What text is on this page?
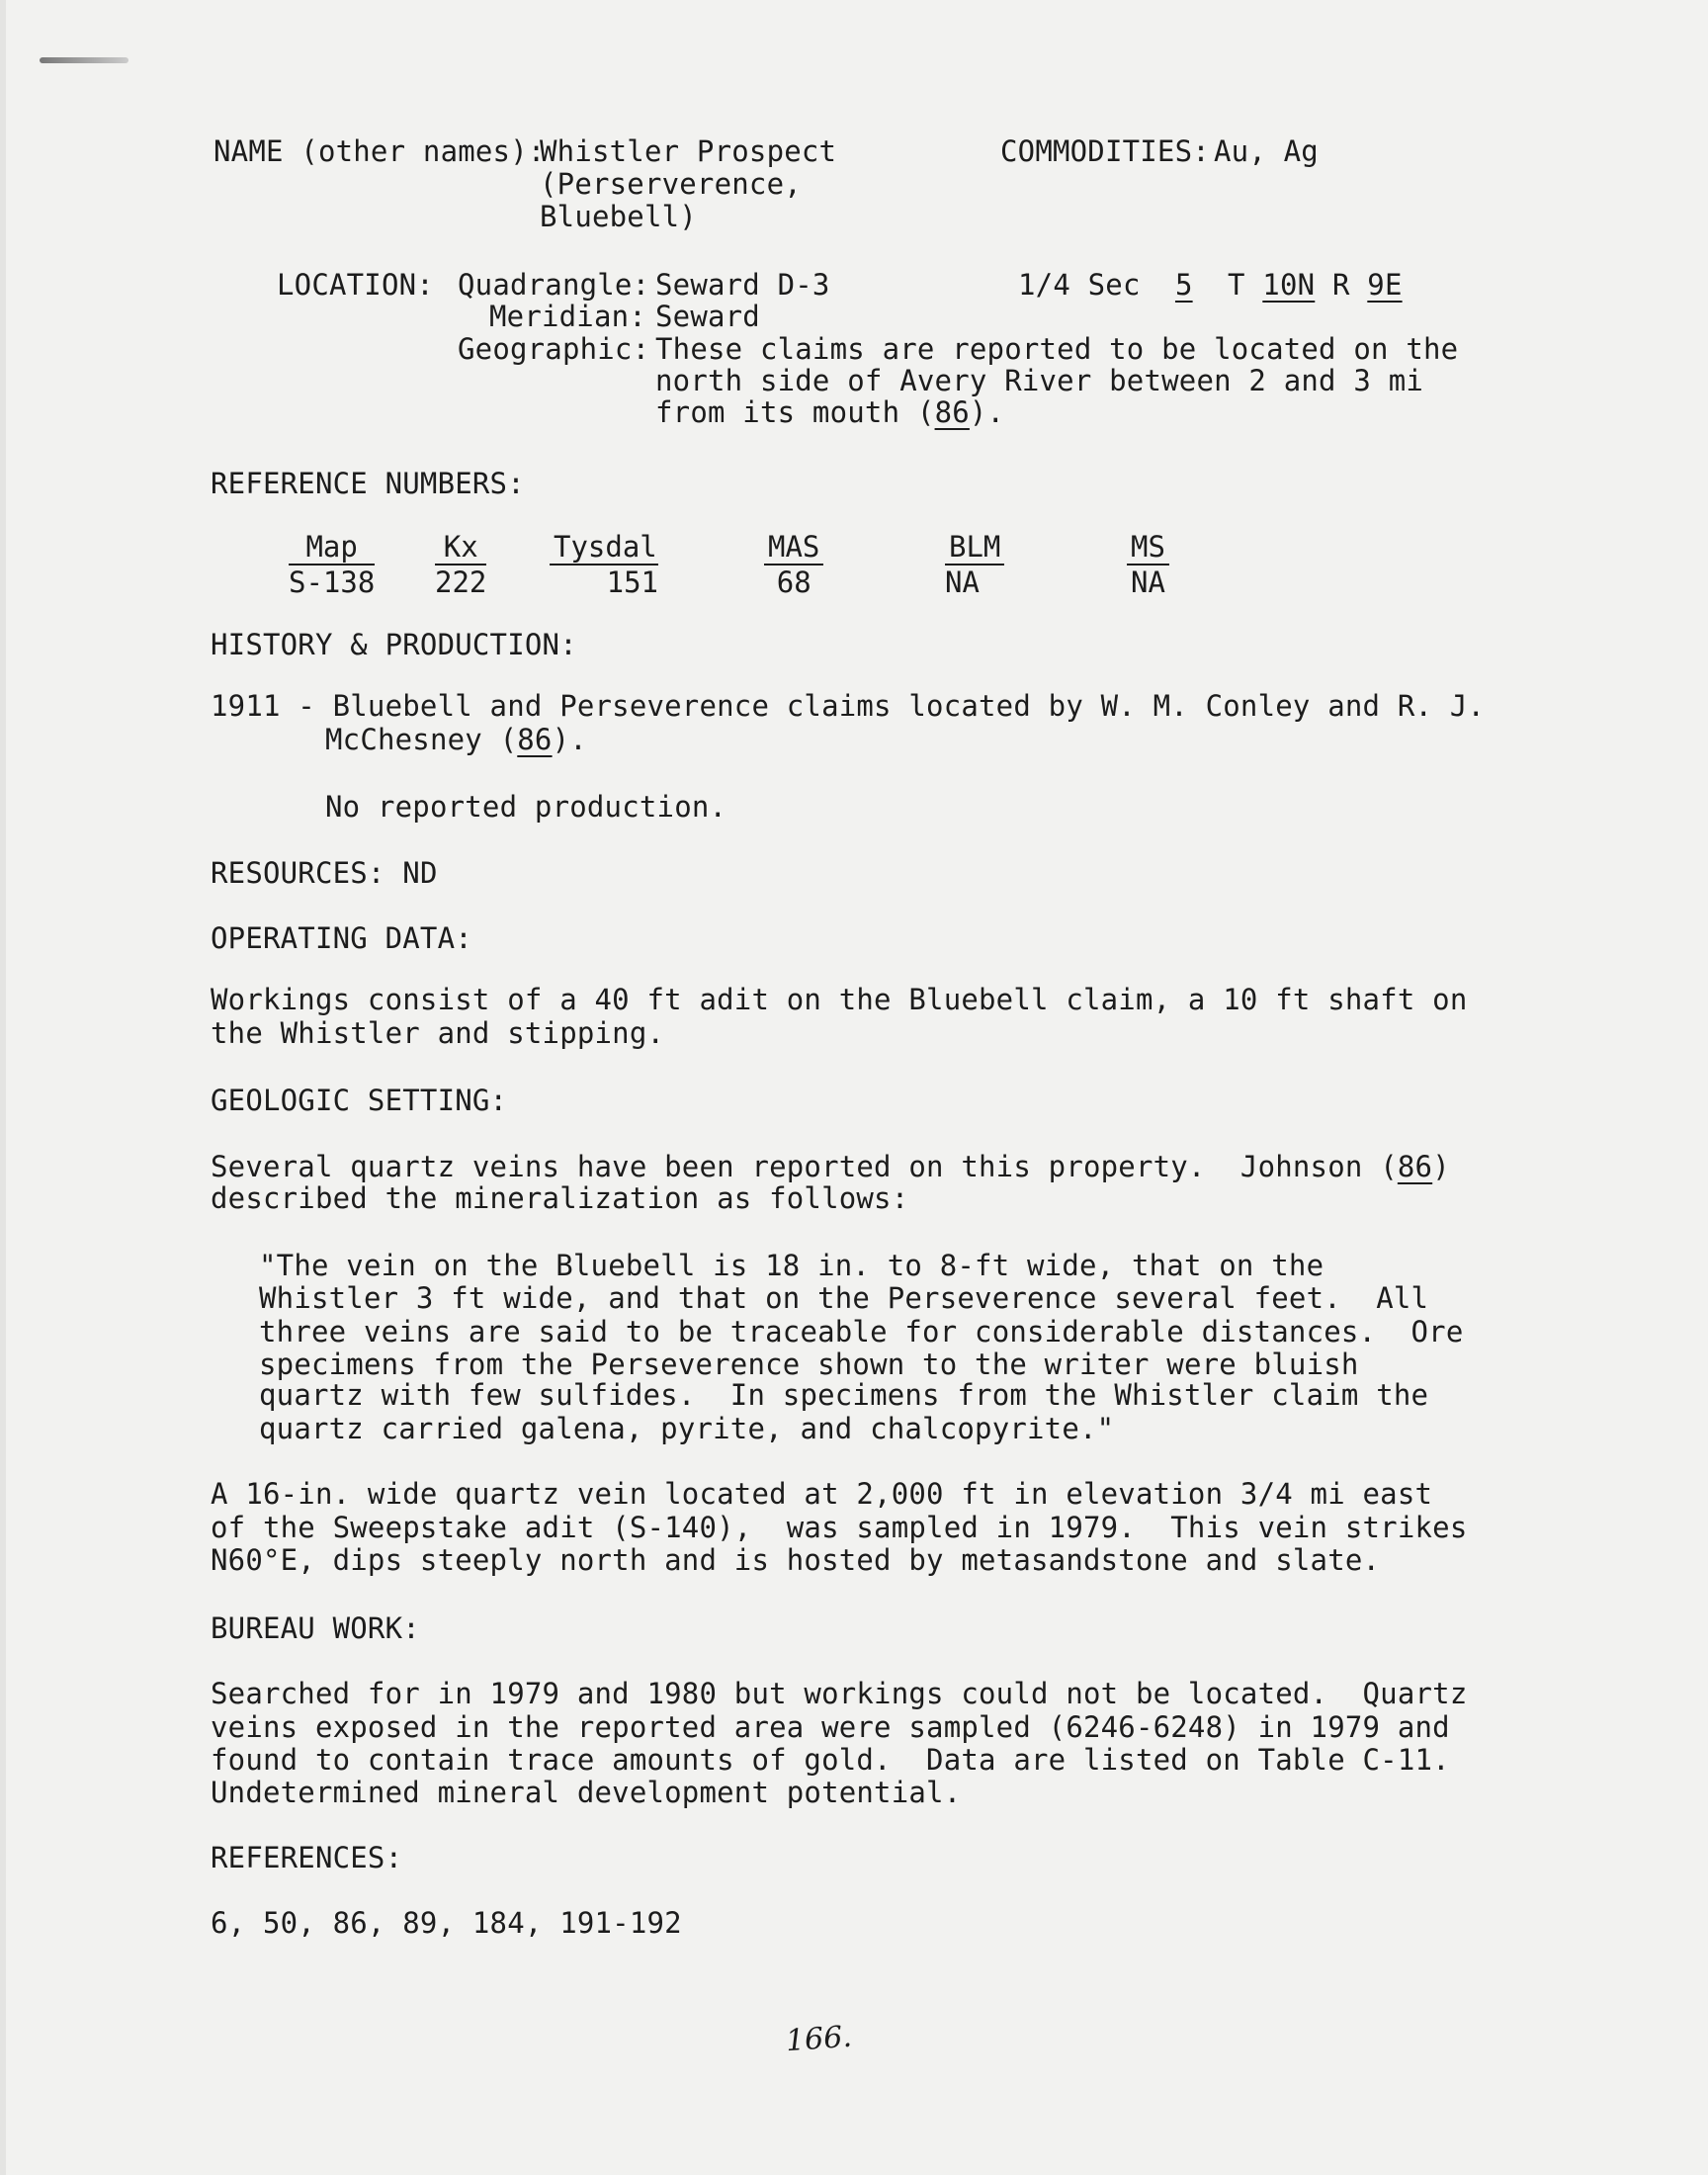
NAME (other names):
Whistler Prospect
(Perserverence,
Bluebell)
COMMODITIES: Au, Ag
LOCATION: Quadrangle: Seward D-3	1/4 Sec 5 T 10N R 9E
Meridian: Seward
Geographic: These claims are reported to be located on the
north side of Avery River between 2 and 3 mi
from its mouth (86).
REFERENCE NUMBERS:
Map
S-138
Kx
222
Tysdal
151
MAS
68
BLM
NA
MS
NA
HISTORY & PRODUCTION:
1911 - Bluebell and Perseverence claims located by W. M. Conley and R. J.
McChesney (86).
No reported production.
RESOURCES: ND
OPERATING DATA:
Workings consist of a 40 ft adit on the Bluebell claim, a 10 ft shaft on
the Whistler and stipping.
GEOLOGIC SETTING:
Several quartz veins have been reported on this property.  Johnson (86)
described the mineralization as follows:
"The vein on the Bluebell is 18 in. to 8-ft wide, that on the
Whistler 3 ft wide, and that on the Perseverence several feet.  All
three veins are said to be traceable for considerable distances.  Ore
specimens from the Perseverence shown to the writer were bluish
quartz with few sulfides.  In specimens from the Whistler claim the
quartz carried galena, pyrite, and chalcopyrite."
A 16-in. wide quartz vein located at 2,000 ft in elevation 3/4 mi east
of the Sweepstake adit (S-140),  was sampled in 1979.  This vein strikes
N60°E, dips steeply north and is hosted by metasandstone and slate.
BUREAU WORK:
Searched for in 1979 and 1980 but workings could not be located.  Quartz
veins exposed in the reported area were sampled (6246-6248) in 1979 and
found to contain trace amounts of gold.  Data are listed on Table C-11.
Undetermined mineral development potential.
REFERENCES:
6, 50, 86, 89, 184, 191-192
166.
